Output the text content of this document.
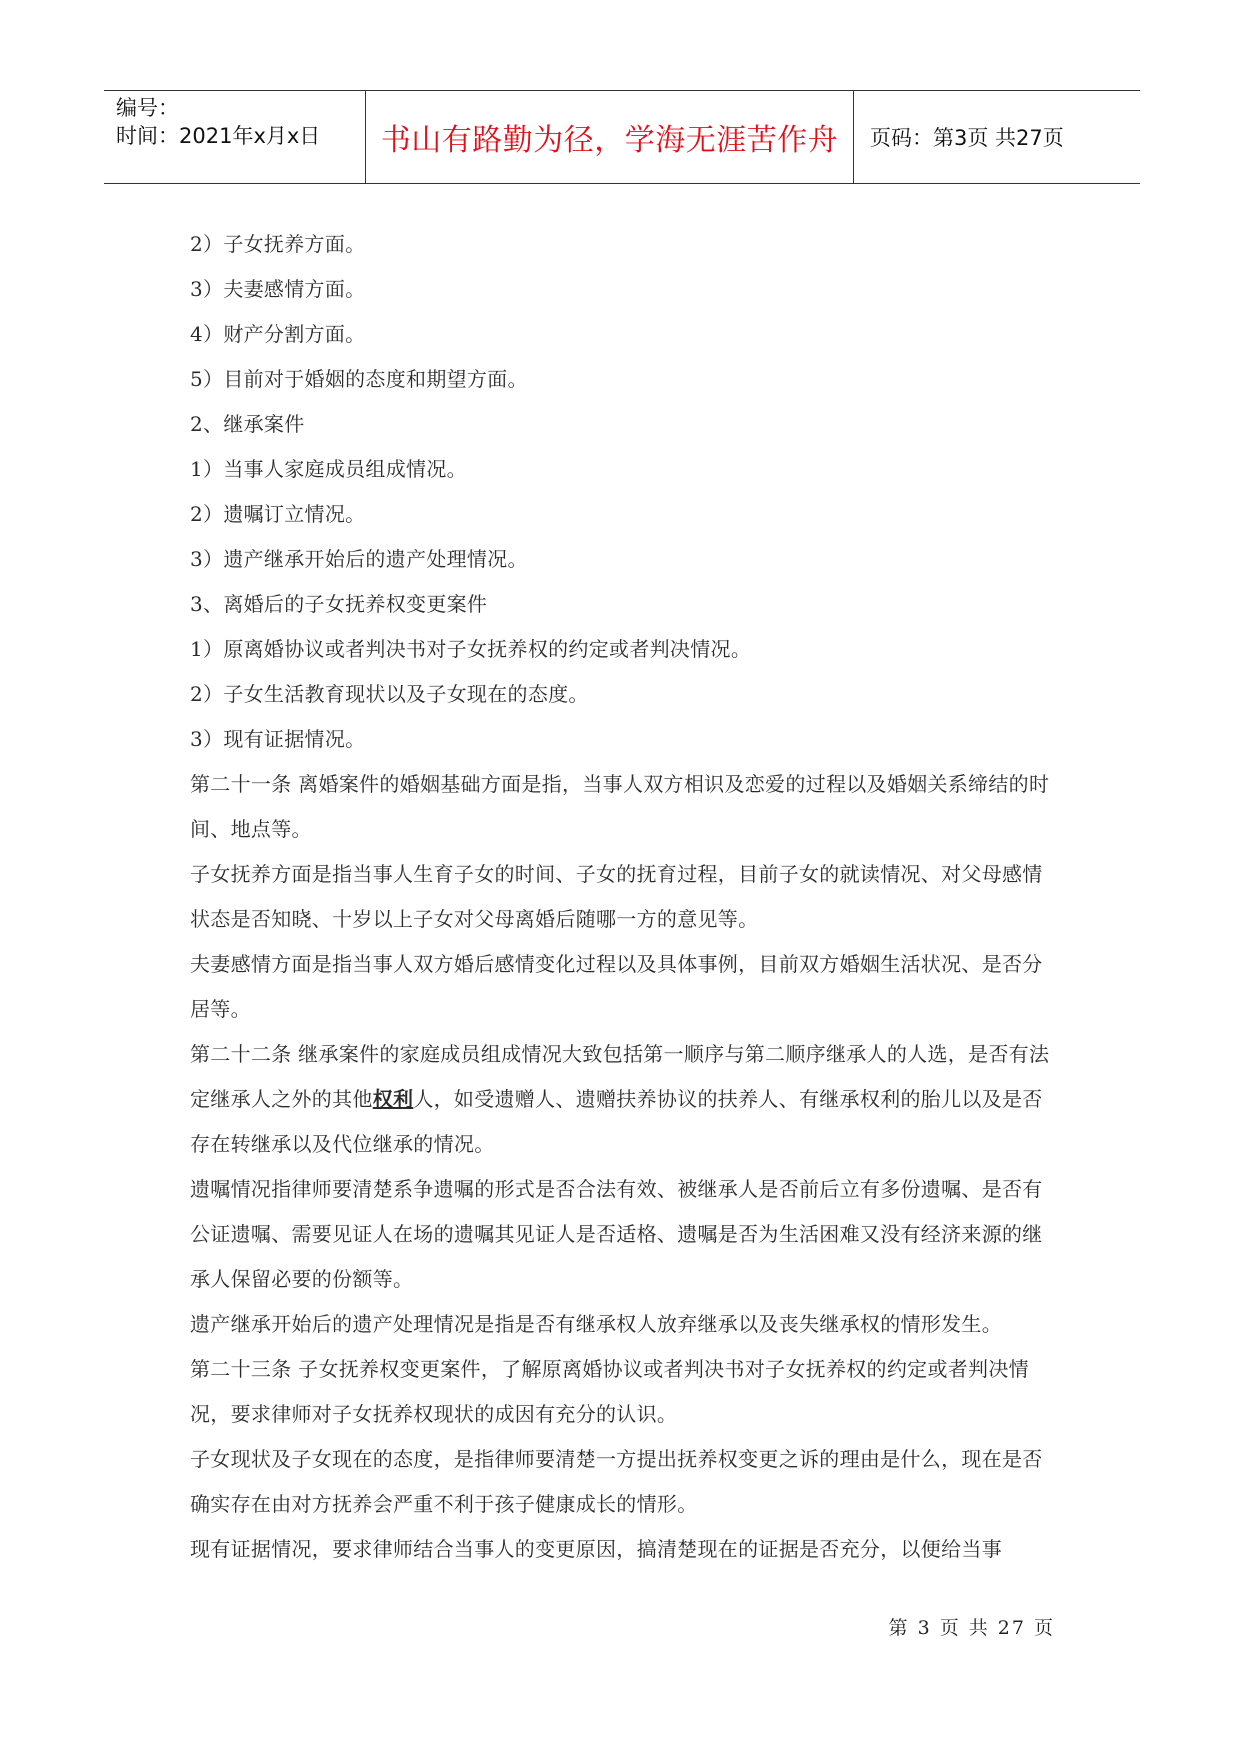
编号：
时间：2021年x月x日	书山有路勤为径，学海无涯苦作舟	页码：第3页 共27页

2）子女抚养方面。

3）夫妻感情方面。

4）财产分割方面。

5）目前对于婚姻的态度和期望方面。

2、继承案件

1）当事人家庭成员组成情况。

2）遗嘱订立情况。

3）遗产继承开始后的遗产处理情况。

3、离婚后的子女抚养权变更案件

1）原离婚协议或者判决书对子女抚养权的约定或者判决情况。

2）子女生活教育现状以及子女现在的态度。

3）现有证据情况。

第二十一条 离婚案件的婚姻基础方面是指，当事人双方相识及恋爱的过程以及婚姻关系缔结的时间、地点等。

子女抚养方面是指当事人生育子女的时间、子女的抚育过程，目前子女的就读情况、对父母感情状态是否知晓、十岁以上子女对父母离婚后随哪一方的意见等。

夫妻感情方面是指当事人双方婚后感情变化过程以及具体事例，目前双方婚姻生活状况、是否分居等。

第二十二条 继承案件的家庭成员组成情况大致包括第一顺序与第二顺序继承人的人选，是否有法定继承人之外的其他权利人，如受遗赠人、遗赠扶养协议的扶养人、有继承权利的胎儿以及是否存在转继承以及代位继承的情况。

遗嘱情况指律师要清楚系争遗嘱的形式是否合法有效、被继承人是否前后立有多份遗嘱、是否有公证遗嘱、需要见证人在场的遗嘱其见证人是否适格、遗嘱是否为生活困难又没有经济来源的继承人保留必要的份额等。

遗产继承开始后的遗产处理情况是指是否有继承权人放弃继承以及丧失继承权的情形发生。

第二十三条 子女抚养权变更案件，了解原离婚协议或者判决书对子女抚养权的约定或者判决情况，要求律师对子女抚养权现状的成因有充分的认识。

子女现状及子女现在的态度，是指律师要清楚一方提出抚养权变更之诉的理由是什么，现在是否确实存在由对方抚养会严重不利于孩子健康成长的情形。

现有证据情况，要求律师结合当事人的变更原因，搞清楚现在的证据是否充分，以便给当事

第 3 页 共 27 页
